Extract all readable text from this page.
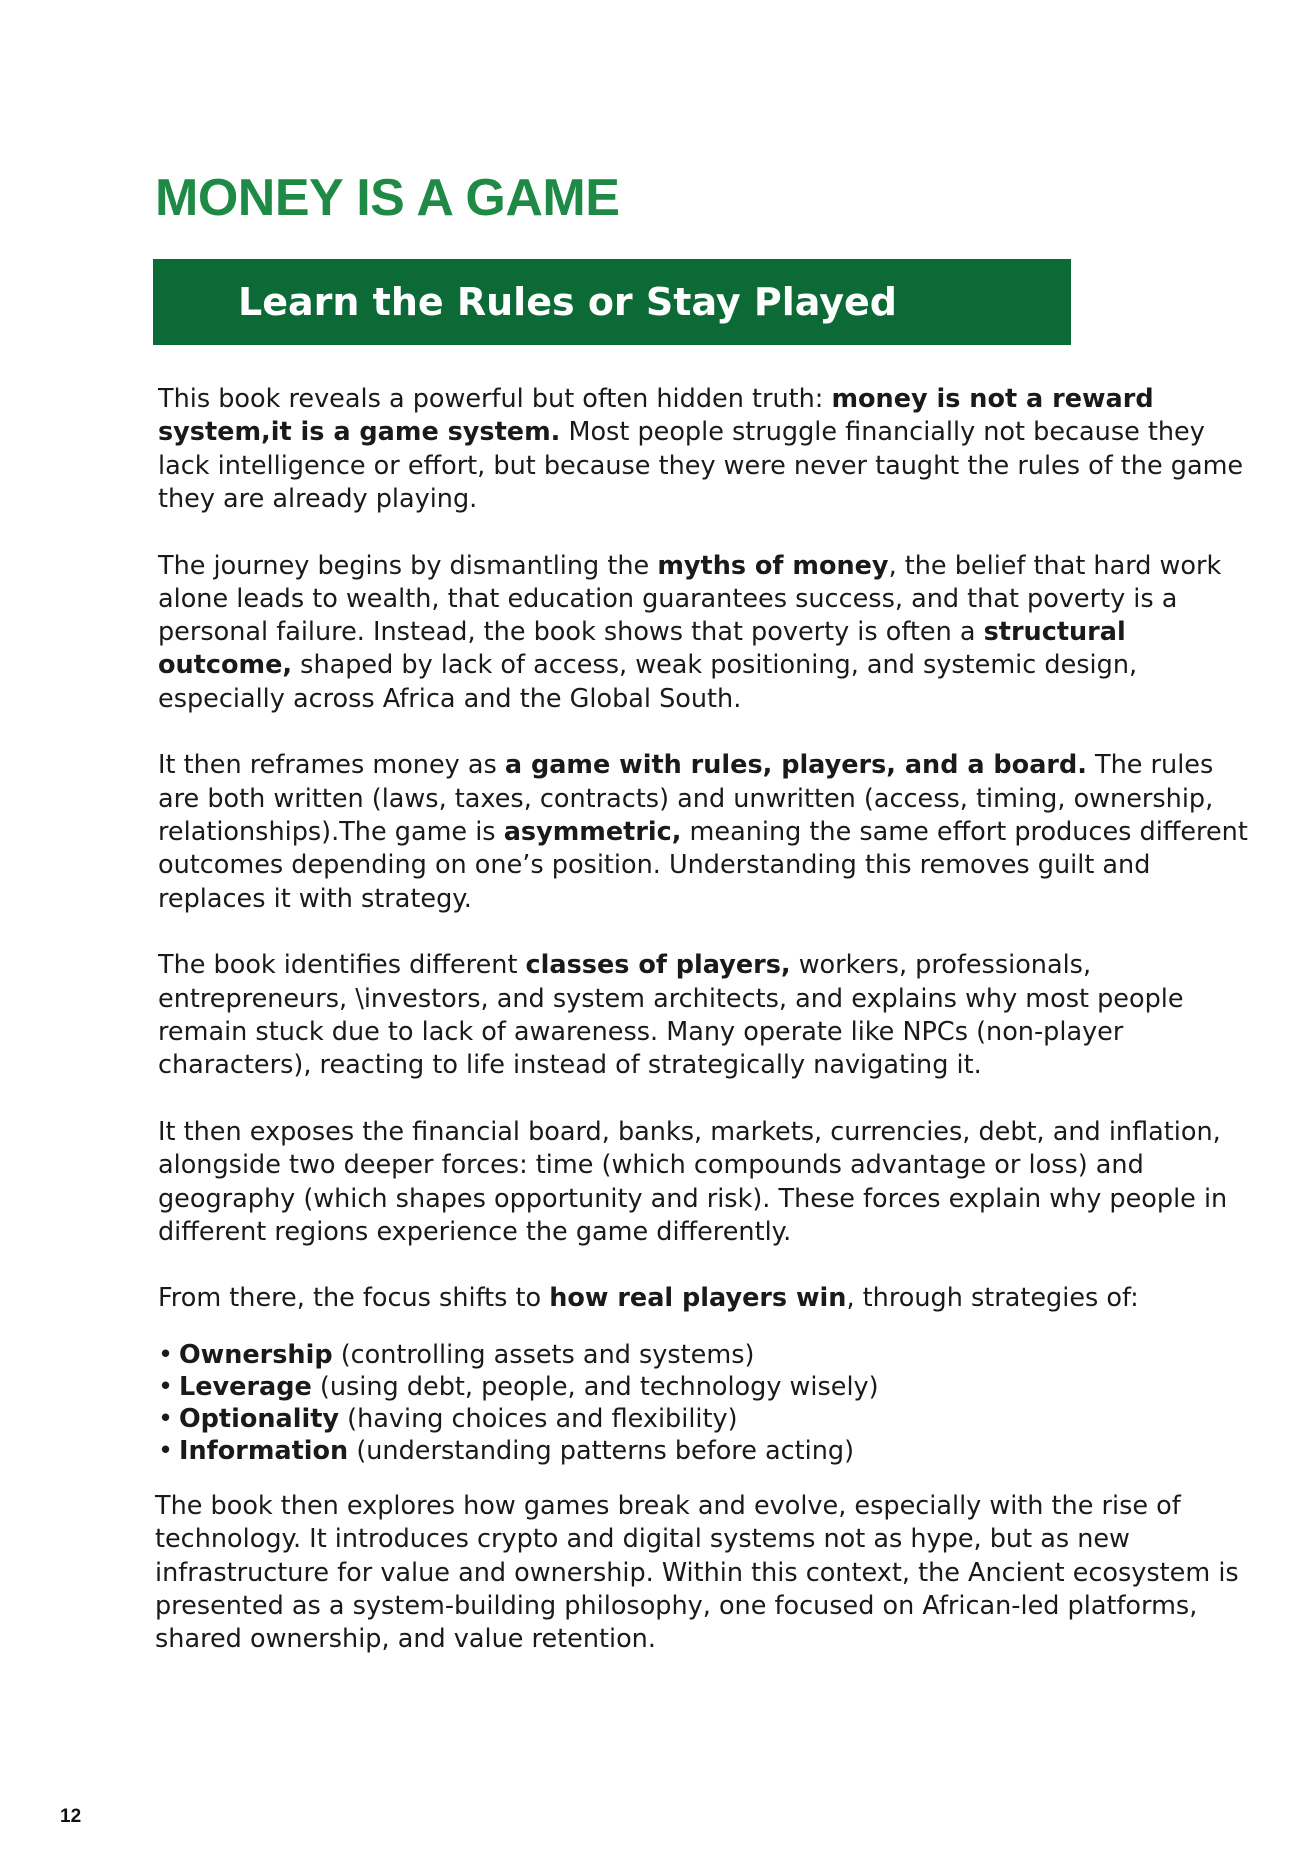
MONEY IS A GAME
Learn the Rules or Stay Played

This book reveals a powerful but often hidden truth: money is not a reward system,it is a game system. Most people struggle financially not because they lack intelligence or effort, but because they were never taught the rules of the game they are already playing.

The journey begins by dismantling the myths of money, the belief that hard work alone leads to wealth, that education guarantees success, and that poverty is a personal failure. Instead, the book shows that poverty is often a structural outcome, shaped by lack of access, weak positioning, and systemic design, especially across Africa and the Global South.

It then reframes money as a game with rules, players, and a board. The rules are both written (laws, taxes, contracts) and unwritten (access, timing, ownership, relationships).The game is asymmetric, meaning the same effort produces different outcomes depending on one’s position. Understanding this removes guilt and replaces it with strategy.

The book identifies different classes of players, workers, professionals, entrepreneurs, \investors, and system architects, and explains why most people remain stuck due to lack of awareness. Many operate like NPCs (non-player characters), reacting to life instead of strategically navigating it.

It then exposes the financial board, banks, markets, currencies, debt, and inflation, alongside two deeper forces: time (which compounds advantage or loss) and geography (which shapes opportunity and risk). These forces explain why people in different regions experience the game differently.

From there, the focus shifts to how real players win, through strategies of:

• Ownership (controlling assets and systems)
• Leverage (using debt, people, and technology wisely)
• Optionality (having choices and flexibility)
• Information (understanding patterns before acting)

The book then explores how games break and evolve, especially with the rise of technology. It introduces crypto and digital systems not as hype, but as new infrastructure for value and ownership. Within this context, the Ancient ecosystem is presented as a system-building philosophy, one focused on African-led platforms, shared ownership, and value retention.

12
